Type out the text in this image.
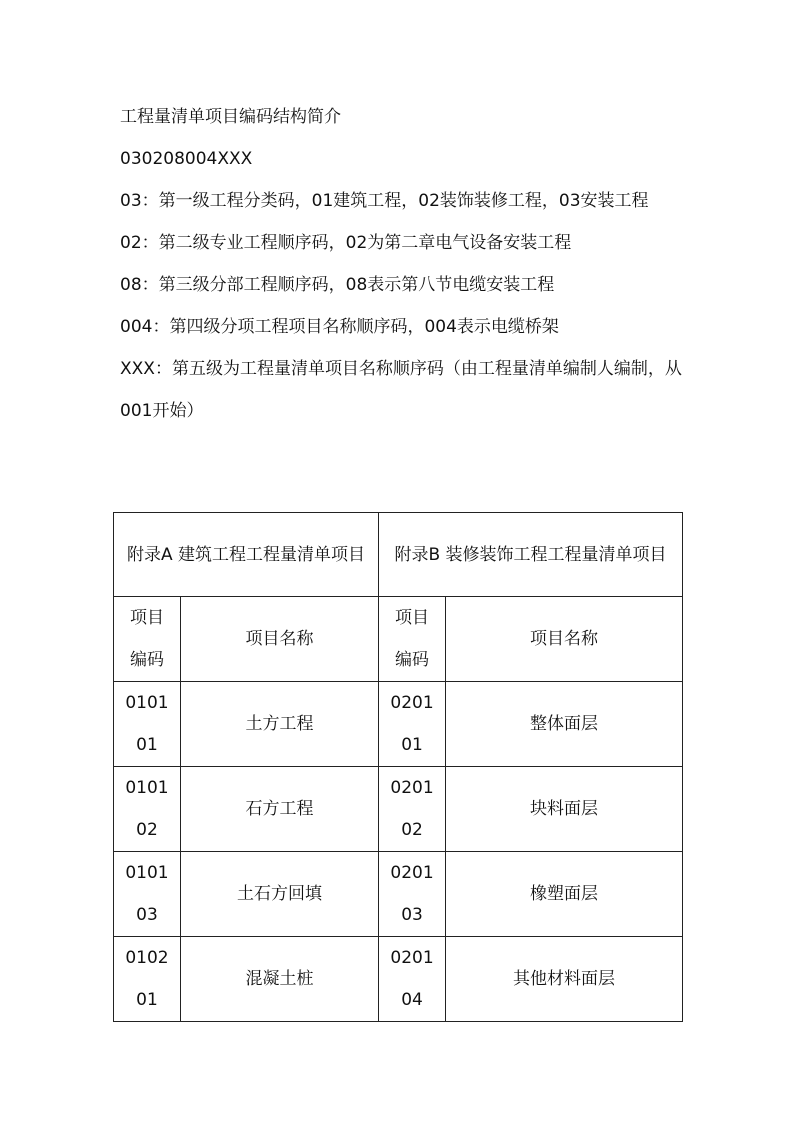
工程量清单项目编码结构简介

030208004XXX

03：第一级工程分类码，01建筑工程，02装饰装修工程，03安装工程

02：第二级专业工程顺序码，02为第二章电气设备安装工程

08：第三级分部工程顺序码，08表示第八节电缆安装工程

004：第四级分项工程项目名称顺序码，004表示电缆桥架

XXX：第五级为工程量清单项目名称顺序码（由工程量清单编制人编制，从001开始）

附录A 建筑工程工程量清单项目		附录B 装修装饰工程工程量清单项目	
项目编码	项目名称	项目编码	项目名称
010101	土方工程	020101	整体面层
010102	石方工程	020102	块料面层
010103	土石方回填	020103	橡塑面层
010201	混凝土桩	020104	其他材料面层
